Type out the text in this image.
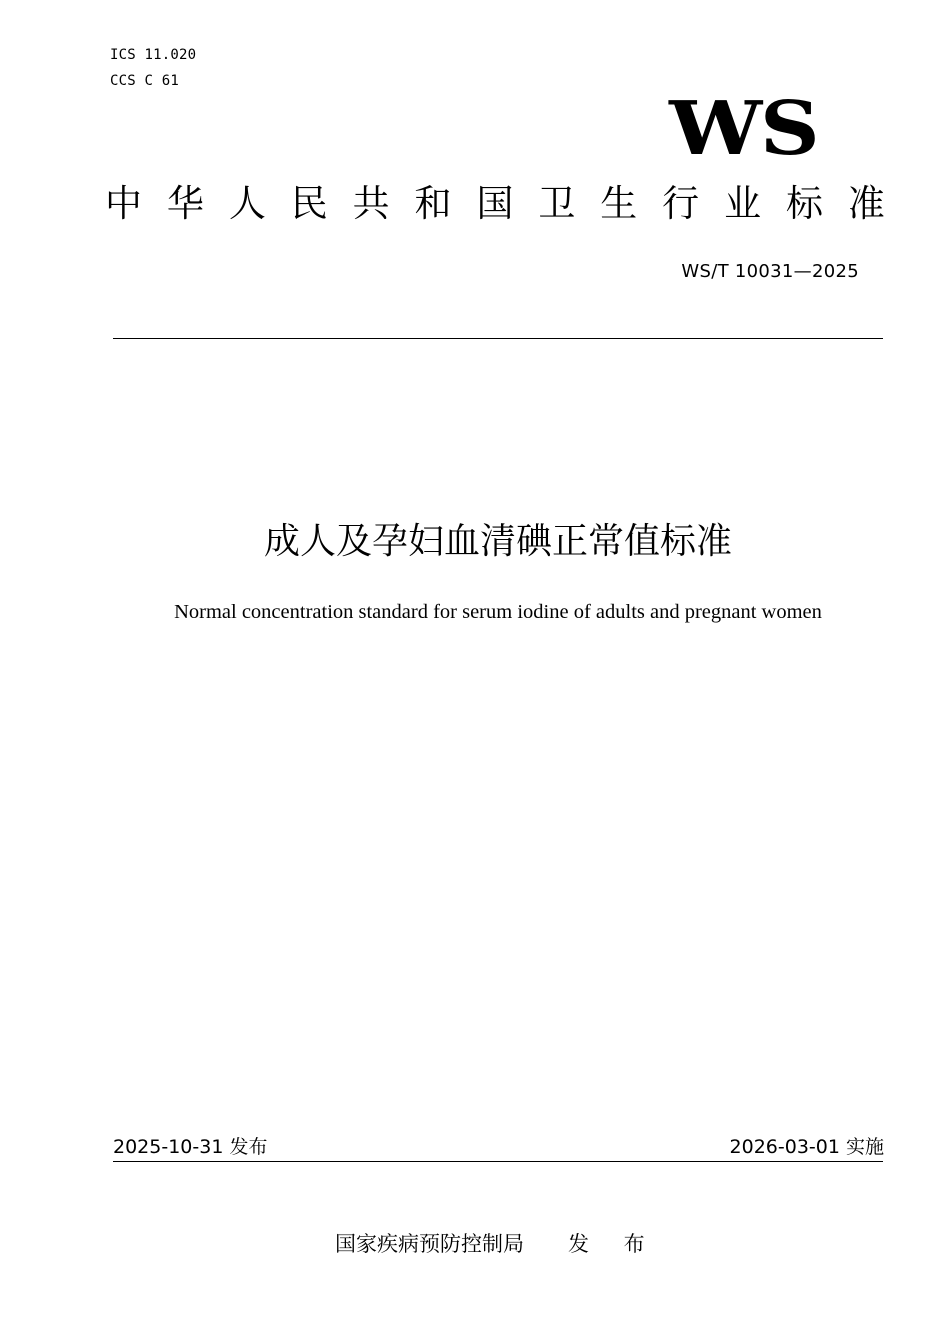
ICS 11.020
CCS C 61
WS
中 华 人 民 共 和 国 卫 生 行 业 标 准
WS/T 10031—2025
成人及孕妇血清碘正常值标准
Normal concentration standard for serum iodine of adults and pregnant women
2025-10-31 发布	2026-03-01 实施
国家疾病预防控制局 发 布
